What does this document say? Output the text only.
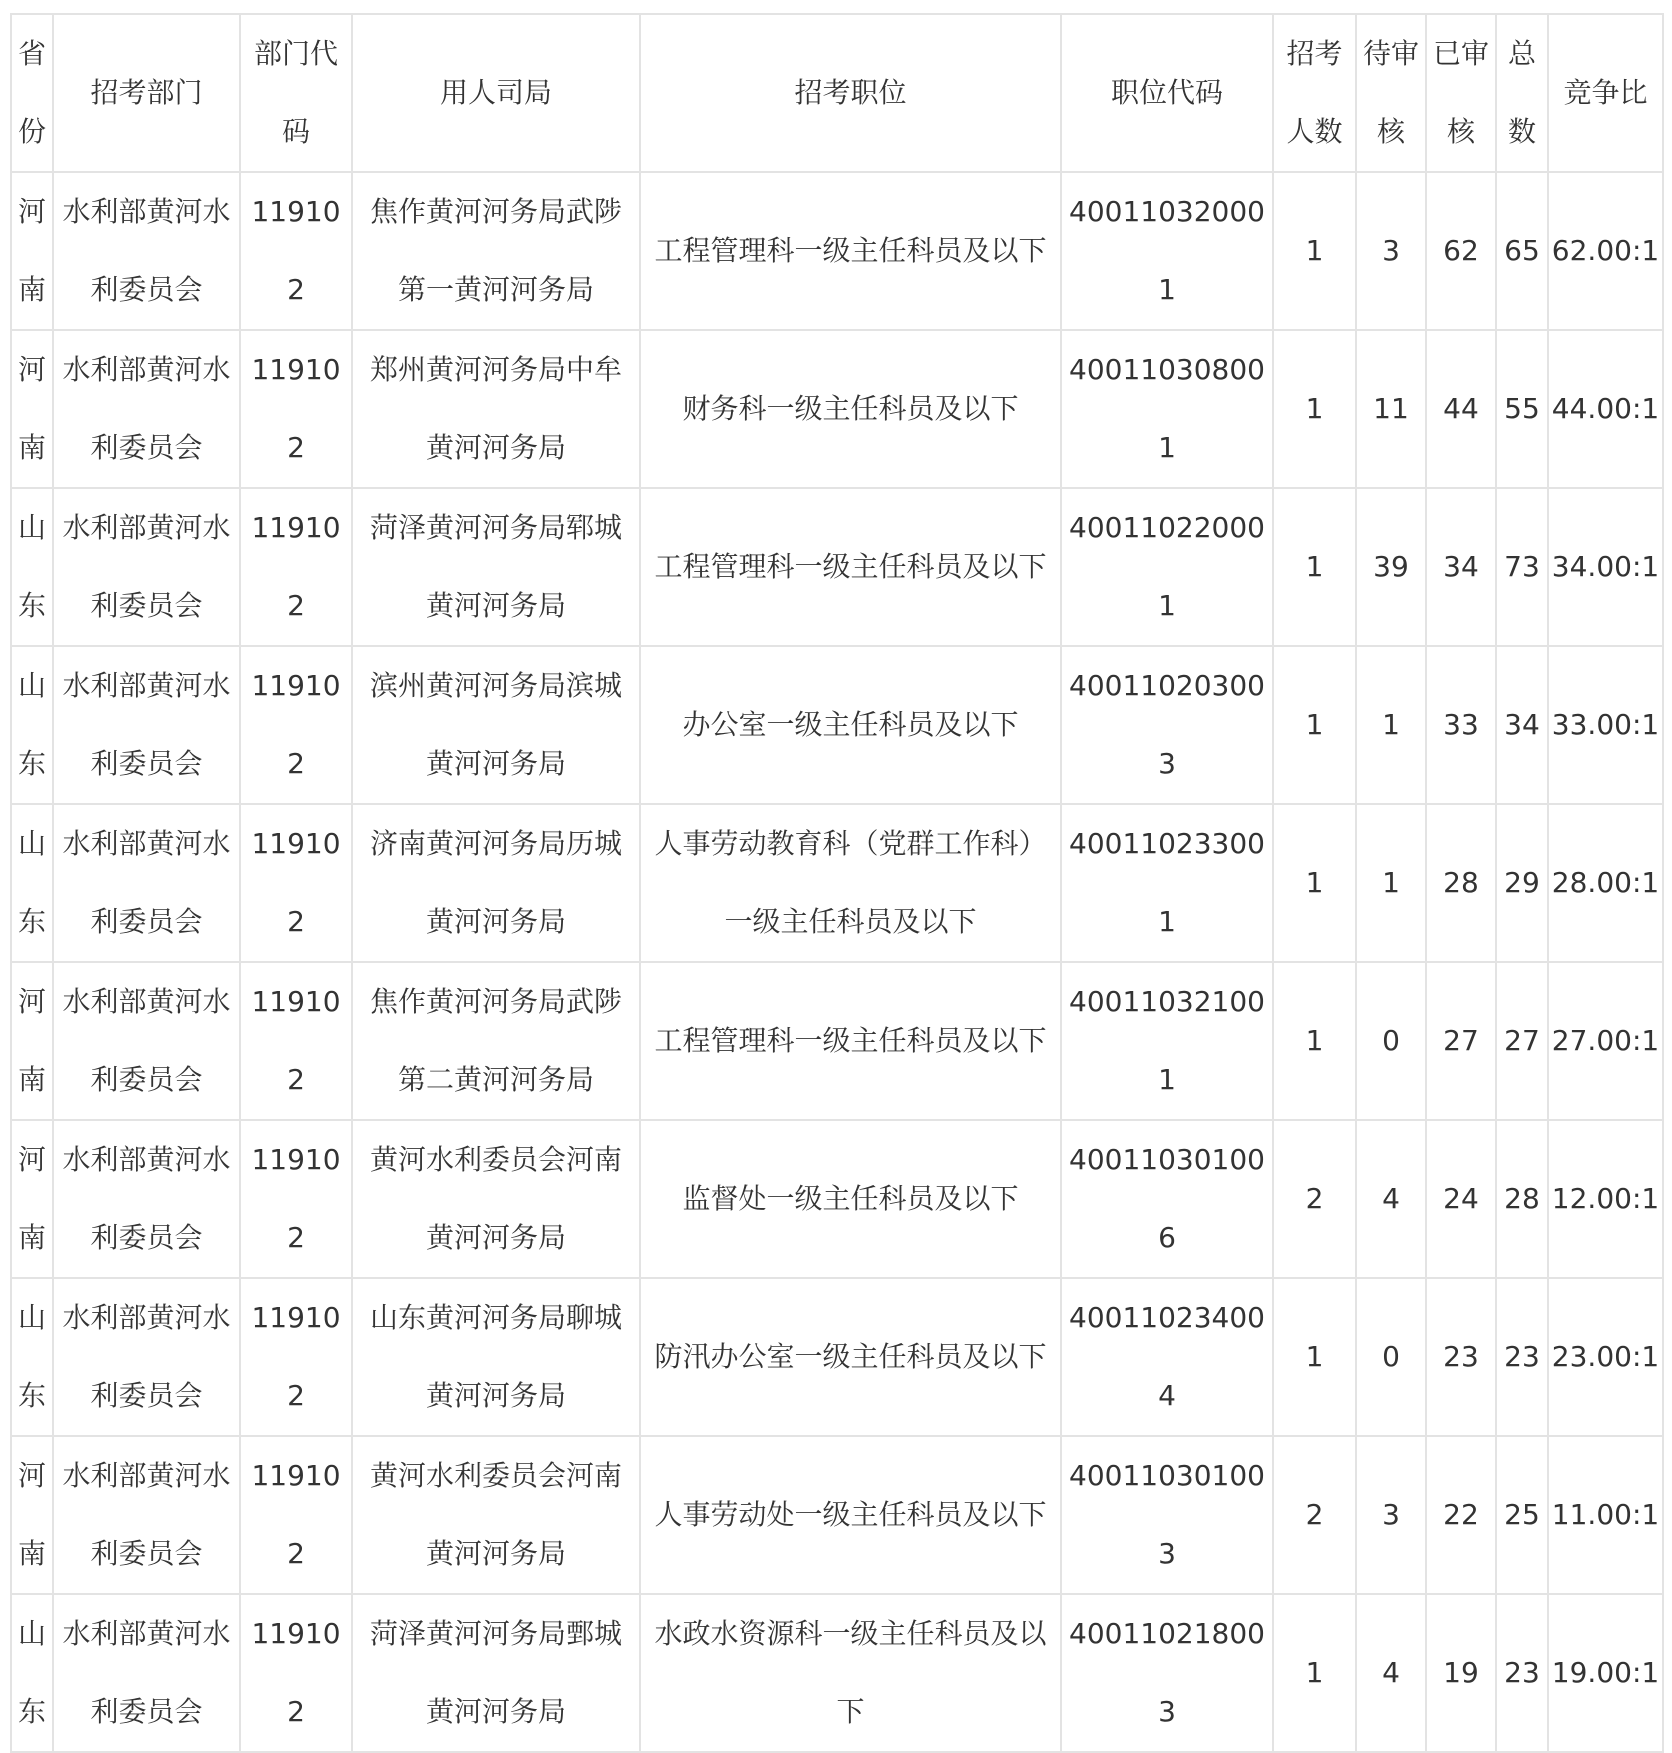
省份	招考部门	部门代码	用人司局	招考职位	职位代码	招考人数	待审核	已审核	总数	竞争比
河南	水利部黄河水利委员会	119102	焦作黄河河务局武陟第一黄河河务局	工程管理科一级主任科员及以下	400110320001	1	3	62	65	62.00:1
河南	水利部黄河水利委员会	119102	郑州黄河河务局中牟黄河河务局	财务科一级主任科员及以下	400110308001	1	11	44	55	44.00:1
山东	水利部黄河水利委员会	119102	菏泽黄河河务局郓城黄河河务局	工程管理科一级主任科员及以下	400110220001	1	39	34	73	34.00:1
山东	水利部黄河水利委员会	119102	滨州黄河河务局滨城黄河河务局	办公室一级主任科员及以下	400110203003	1	1	33	34	33.00:1
山东	水利部黄河水利委员会	119102	济南黄河河务局历城黄河河务局	人事劳动教育科（党群工作科）一级主任科员及以下	400110233001	1	1	28	29	28.00:1
河南	水利部黄河水利委员会	119102	焦作黄河河务局武陟第二黄河河务局	工程管理科一级主任科员及以下	400110321001	1	0	27	27	27.00:1
河南	水利部黄河水利委员会	119102	黄河水利委员会河南黄河河务局	监督处一级主任科员及以下	400110301006	2	4	24	28	12.00:1
山东	水利部黄河水利委员会	119102	山东黄河河务局聊城黄河河务局	防汛办公室一级主任科员及以下	400110234004	1	0	23	23	23.00:1
河南	水利部黄河水利委员会	119102	黄河水利委员会河南黄河河务局	人事劳动处一级主任科员及以下	400110301003	2	3	22	25	11.00:1
山东	水利部黄河水利委员会	119102	菏泽黄河河务局鄄城黄河河务局	水政水资源科一级主任科员及以下	400110218003	1	4	19	23	19.00:1
